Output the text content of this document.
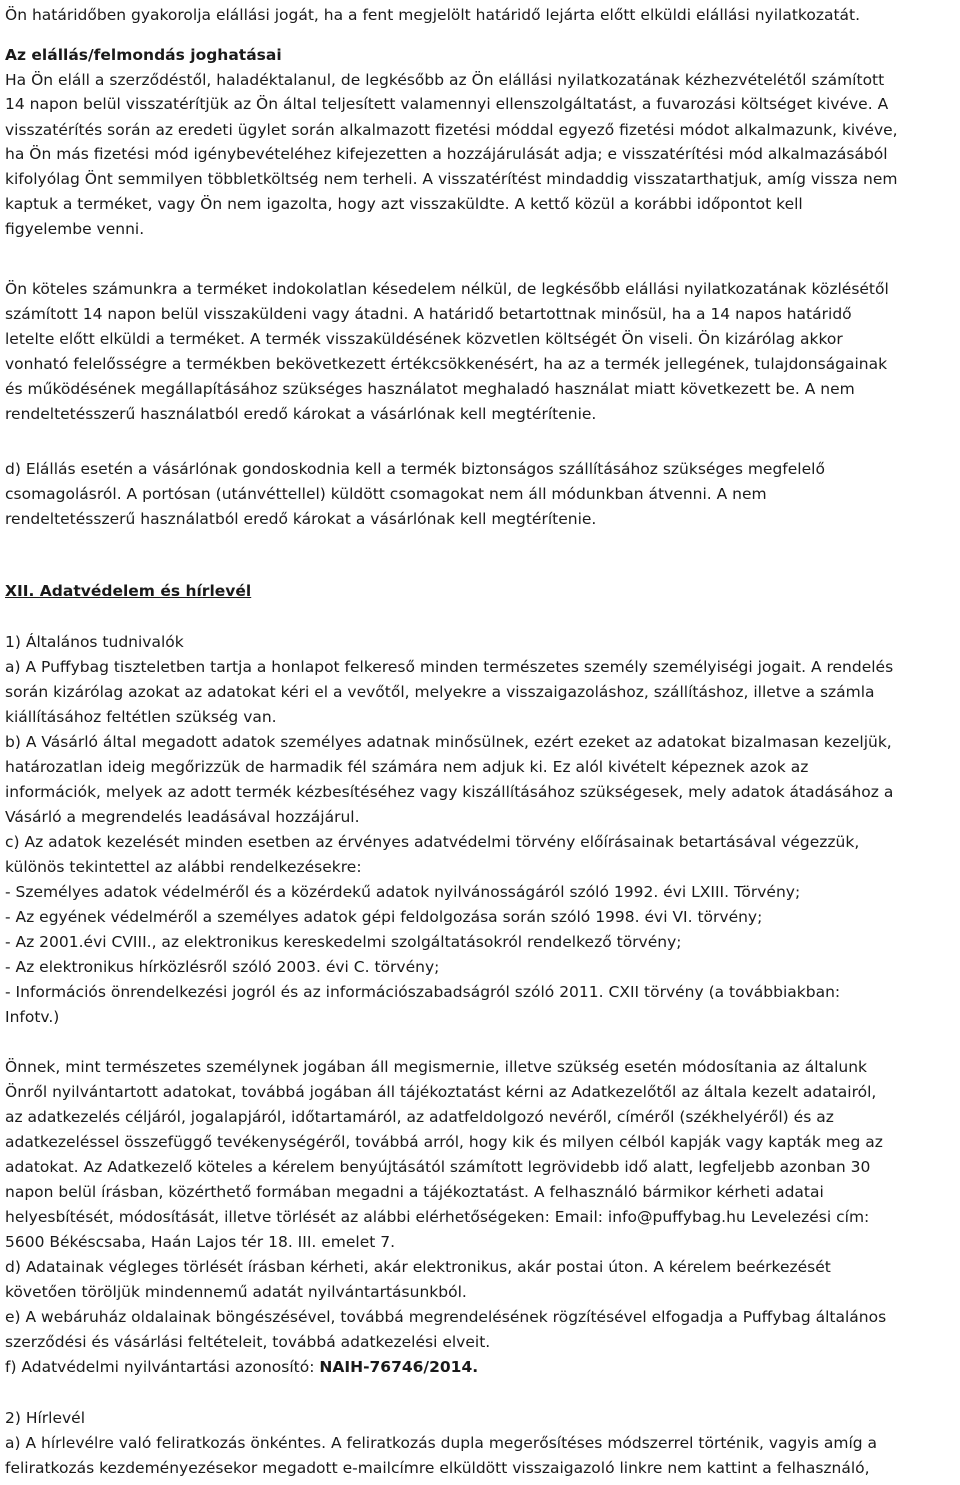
Ön határidőben gyakorolja elállási jogát, ha a fent megjelölt határidő lejárta előtt elküldi elállási nyilatkozatát.
Az elállás/felmondás joghatásai
Ha Ön eláll a szerződéstől, haladéktalanul, de legkésőbb az Ön elállási nyilatkozatának kézhezvételétől számított
14 napon belül visszatérítjük az Ön által teljesített valamennyi ellenszolgáltatást, a fuvarozási költséget kivéve. A
visszatérítés során az eredeti ügylet során alkalmazott fizetési móddal egyező fizetési módot alkalmazunk, kivéve,
ha Ön más fizetési mód igénybevételéhez kifejezetten a hozzájárulását adja; e visszatérítési mód alkalmazásából
kifolyólag Önt semmilyen többletköltség nem terheli. A visszatérítést mindaddig visszatarthatjuk, amíg vissza nem
kaptuk a terméket, vagy Ön nem igazolta, hogy azt visszaküldte. A kettő közül a korábbi időpontot kell
figyelembe venni.
Ön köteles számunkra a terméket indokolatlan késedelem nélkül, de legkésőbb elállási nyilatkozatának közlésétől
számított 14 napon belül visszaküldeni vagy átadni. A határidő betartottnak minősül, ha a 14 napos határidő
letelte előtt elküldi a terméket. A termék visszaküldésének közvetlen költségét Ön viseli. Ön kizárólag akkor
vonható felelősségre a termékben bekövetkezett értékcsökkenésért, ha az a termék jellegének, tulajdonságainak
és működésének megállapításához szükséges használatot meghaladó használat miatt következett be. A nem
rendeltetésszerű használatból eredő károkat a vásárlónak kell megtérítenie.
d) Elállás esetén a vásárlónak gondoskodnia kell a termék biztonságos szállításához szükséges megfelelő
csomagolásról. A portósan (utánvéttellel) küldött csomagokat nem áll módunkban átvenni. A nem
rendeltetésszerű használatból eredő károkat a vásárlónak kell megtérítenie.
XII. Adatvédelem és hírlevél
1) Általános tudnivalók
a) A Puffybag tiszteletben tartja a honlapot felkereső minden természetes személy személyiségi jogait. A rendelés
során kizárólag azokat az adatokat kéri el a vevőtől, melyekre a visszaigazoláshoz, szállításhoz, illetve a számla
kiállításához feltétlen szükség van.
b) A Vásárló által megadott adatok személyes adatnak minősülnek, ezért ezeket az adatokat bizalmasan kezeljük,
határozatlan ideig megőrizzük de harmadik fél számára nem adjuk ki. Ez alól kivételt képeznek azok az
információk, melyek az adott termék kézbesítéséhez vagy kiszállításához szükségesek, mely adatok átadásához a
Vásárló a megrendelés leadásával hozzájárul.
c) Az adatok kezelését minden esetben az érvényes adatvédelmi törvény előírásainak betartásával végezzük,
különös tekintettel az alábbi rendelkezésekre:
- Személyes adatok védelméről és a közérdekű adatok nyilvánosságáról szóló 1992. évi LXIII. Törvény;
- Az egyének védelméről a személyes adatok gépi feldolgozása során szóló 1998. évi VI. törvény;
- Az 2001.évi CVIII., az elektronikus kereskedelmi szolgáltatásokról rendelkező törvény;
- Az elektronikus hírközlésről szóló 2003. évi C. törvény;
- Információs önrendelkezési jogról és az információszabadságról szóló 2011. CXII törvény (a továbbiakban:
Infotv.)
Önnek, mint természetes személynek jogában áll megismernie, illetve szükség esetén módosítania az általunk
Önről nyilvántartott adatokat, továbbá jogában áll tájékoztatást kérni az Adatkezelőtől az általa kezelt adatairól,
az adatkezelés céljáról, jogalapjáról, időtartamáról, az adatfeldolgozó nevéről, címéről (székhelyéről) és az
adatkezeléssel összefüggő tevékenységéről, továbbá arról, hogy kik és milyen célból kapják vagy kapták meg az
adatokat. Az Adatkezelő köteles a kérelem benyújtásától számított legrövidebb idő alatt, legfeljebb azonban 30
napon belül írásban, közérthető formában megadni a tájékoztatást. A felhasználó bármikor kérheti adatai
helyesbítését, módosítását, illetve törlését az alábbi elérhetőségeken: Email: info@puffybag.hu Levelezési cím:
5600 Békéscsaba, Haán Lajos tér 18. III. emelet 7.
d) Adatainak végleges törlését írásban kérheti, akár elektronikus, akár postai úton. A kérelem beérkezését
követően töröljük mindennemű adatát nyilvántartásunkból.
e) A webáruház oldalainak böngészésével, továbbá megrendelésének rögzítésével elfogadja a Puffybag általános
szerződési és vásárlási feltételeit, továbbá adatkezelési elveit.
f) Adatvédelmi nyilvántartási azonosító: NAIH-76746/2014.
2) Hírlevél
a) A hírlevélre való feliratkozás önkéntes. A feliratkozás dupla megerősítéses módszerrel történik, vagyis amíg a
feliratkozás kezdeményezésekor megadott e-mailcímre elküldött visszaigazoló linkre nem kattint a felhasználó,
